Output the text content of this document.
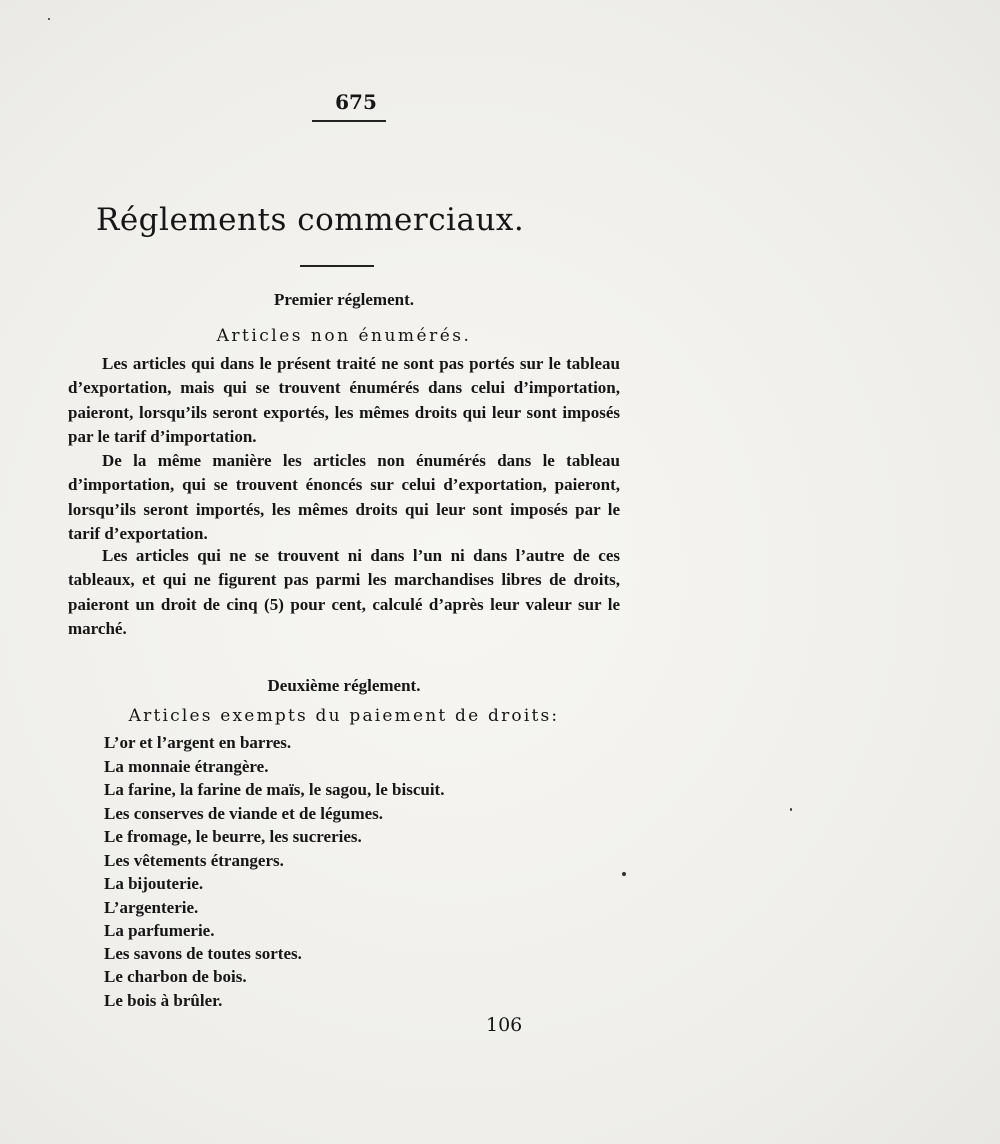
675
Réglements commerciaux.
Premier réglement.
Articles non énumérés.
Les articles qui dans le présent traité ne sont pas portés sur le tableau d’exportation, mais qui se trouvent énumérés dans celui d’importation, paieront, lorsqu’ils seront exportés, les mêmes droits qui leur sont imposés par le tarif d’importation.
De la même manière les articles non énumérés dans le tableau d’importation, qui se trouvent énoncés sur celui d’exportation, paieront, lorsqu’ils seront importés, les mêmes droits qui leur sont imposés par le tarif d’exportation.
Les articles qui ne se trouvent ni dans l’un ni dans l’autre de ces tableaux, et qui ne figurent pas parmi les marchandises libres de droits, paieront un droit de cinq (5) pour cent, calculé d’après leur valeur sur le marché.
Deuxième réglement.
Articles exempts du paiement de droits:
L’or et l’argent en barres.
La monnaie étrangère.
La farine, la farine de maïs, le sagou, le biscuit.
Les conserves de viande et de légumes.
Le fromage, le beurre, les sucreries.
Les vêtements étrangers.
La bijouterie.
L’argenterie.
La parfumerie.
Les savons de toutes sortes.
Le charbon de bois.
Le bois à brûler.
106
